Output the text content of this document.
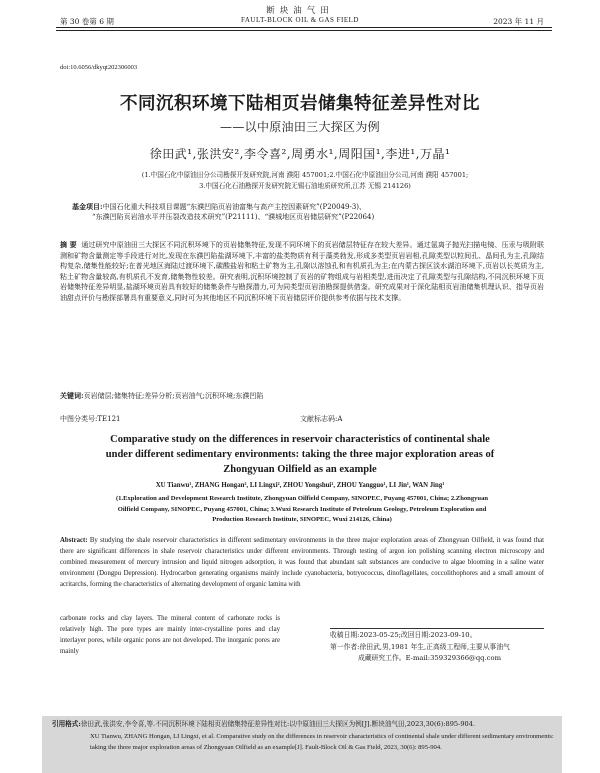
断块油气田
第 30 卷第 6 期	FAULT-BLOCK OIL & GAS FIELD	2023 年 11 月
doi:10.6056/dkyqt202306003
不同沉积环境下陆相页岩储集特征差异性对比
——以中原油田三大探区为例
徐田武¹,张洪安²,李令喜²,周勇水¹,周阳国¹,李进¹,万晶¹
(1.中国石化中原油田分公司勘探开发研究院,河南 濮阳 457001;2.中国石化中原油田分公司,河南 濮阳 457001;
3.中国石化石油勘探开发研究院无锡石油地质研究所,江苏 无锡 214126)
基金项目:中国石化重大科技项目课题“东濮凹陷页岩油富集与高产主控因素研究”(P20049-3)、
“东濮凹陷页岩油水平井压裂改造技术研究”(P21111)、“濮城地区页岩储层研究”(P22064)
摘 要 通过研究中原油田三大探区不同沉积环境下的页岩储集特征,发现不同环境下的页岩储层特征存在较大差异。通过氩离子抛光扫描电镜、压汞与吸附联测和矿物含量测定等手段进行对比,发现在东濮凹陷盐湖环境下,丰富的盐类物质有利于藻类勃发,形成多类型页岩岩相,孔隙类型以粒间孔、晶间孔为主,孔隙结构复杂,储集性能较好;在普光地区海陆过渡环境下,碳酸盐岩和粘土矿物为主,孔隙以溶蚀孔和有机质孔为主;在内蒙古探区淡水湖泊环境下,页岩以长英质为主,粘土矿物含量较高,有机质孔不发育,储集物性较差。研究表明,沉积环境控制了页岩的矿物组成与岩相类型,进而决定了孔隙类型与孔隙结构,不同沉积环境下页岩储集特征差异明显,盐湖环境页岩具有较好的储集条件与勘探潜力,可为同类型页岩油勘探提供借鉴。研究成果对于深化陆相页岩油储集机理认识、指导页岩油甜点评价与勘探部署具有重要意义,同时可为其他地区不同沉积环境下页岩储层评价提供参考依据与技术支撑。
关键词:页岩储层;储集特征;差异分析;页岩油气;沉积环境;东濮凹陷
中图分类号:TE121	文献标志码:A
Comparative study on the differences in reservoir characteristics of continental shale
under different sedimentary environments: taking the three major exploration areas of
Zhongyuan Oilfield as an example
XU Tianwu¹, ZHANG Hongan², LI Lingxi², ZHOU Yongshui¹, ZHOU Yangguo¹, LI Jin¹, WAN Jing¹
(1.Exploration and Development Research Institute, Zhongyuan Oilfield Company, SINOPEC, Puyang 457001, China; 2.Zhongyuan
Oilfield Company, SINOPEC, Puyang 457001, China; 3.Wuxi Research Institute of Petroleum Geology, Petroleum Exploration and
Production Research Institute, SINOPEC, Wuxi 214126, China)
Abstract: By studying the shale reservoir characteristics in different sedimentary environments in the three major exploration areas of Zhongyuan Oilfield, it was found that there are significant differences in shale reservoir characteristics under different environments. Through testing of argon ion polishing scanning electron microscopy and combined measurement of mercury intrusion and liquid nitrogen adsorption, it was found that abundant salt substances are conducive to algae blooming in a saline water environment (Dongpu Depression). Hydrocarbon generating organisms mainly include cyanobacteria, botryococcus, dinoflagellates, coccolithophores and a small amount of acritarchs, forming the characteristics of alternating development of organic lamina with
carbonate rocks and clay layers. The mineral content of carbonate rocks is relatively high. The pore types are mainly inter-crystalline pores and clay interlayer pores, while organic pores are not developed. The inorganic pores are mainly
收稿日期:2023-05-25;改回日期:2023-09-10。
第一作者:徐田武,男,1981 年生,正高级工程师,主要从事油气
成藏研究工作。E-mail:359329366@qq.com
引用格式:徐田武,张洪安,李令喜,等.不同沉积环境下陆相页岩储集特征差异性对比:以中原油田三大探区为例[J].断块油气田,2023,30(6):895-904.
XU Tianwu, ZHANG Hongan, LI Lingxi, et al. Comparative study on the differences in reservoir characteristics of continental shale under different sedimentary environments: taking the three major exploration areas of Zhongyuan Oilfield as an example[J]. Fault-Block Oil & Gas Field, 2023, 30(6): 895-904.
